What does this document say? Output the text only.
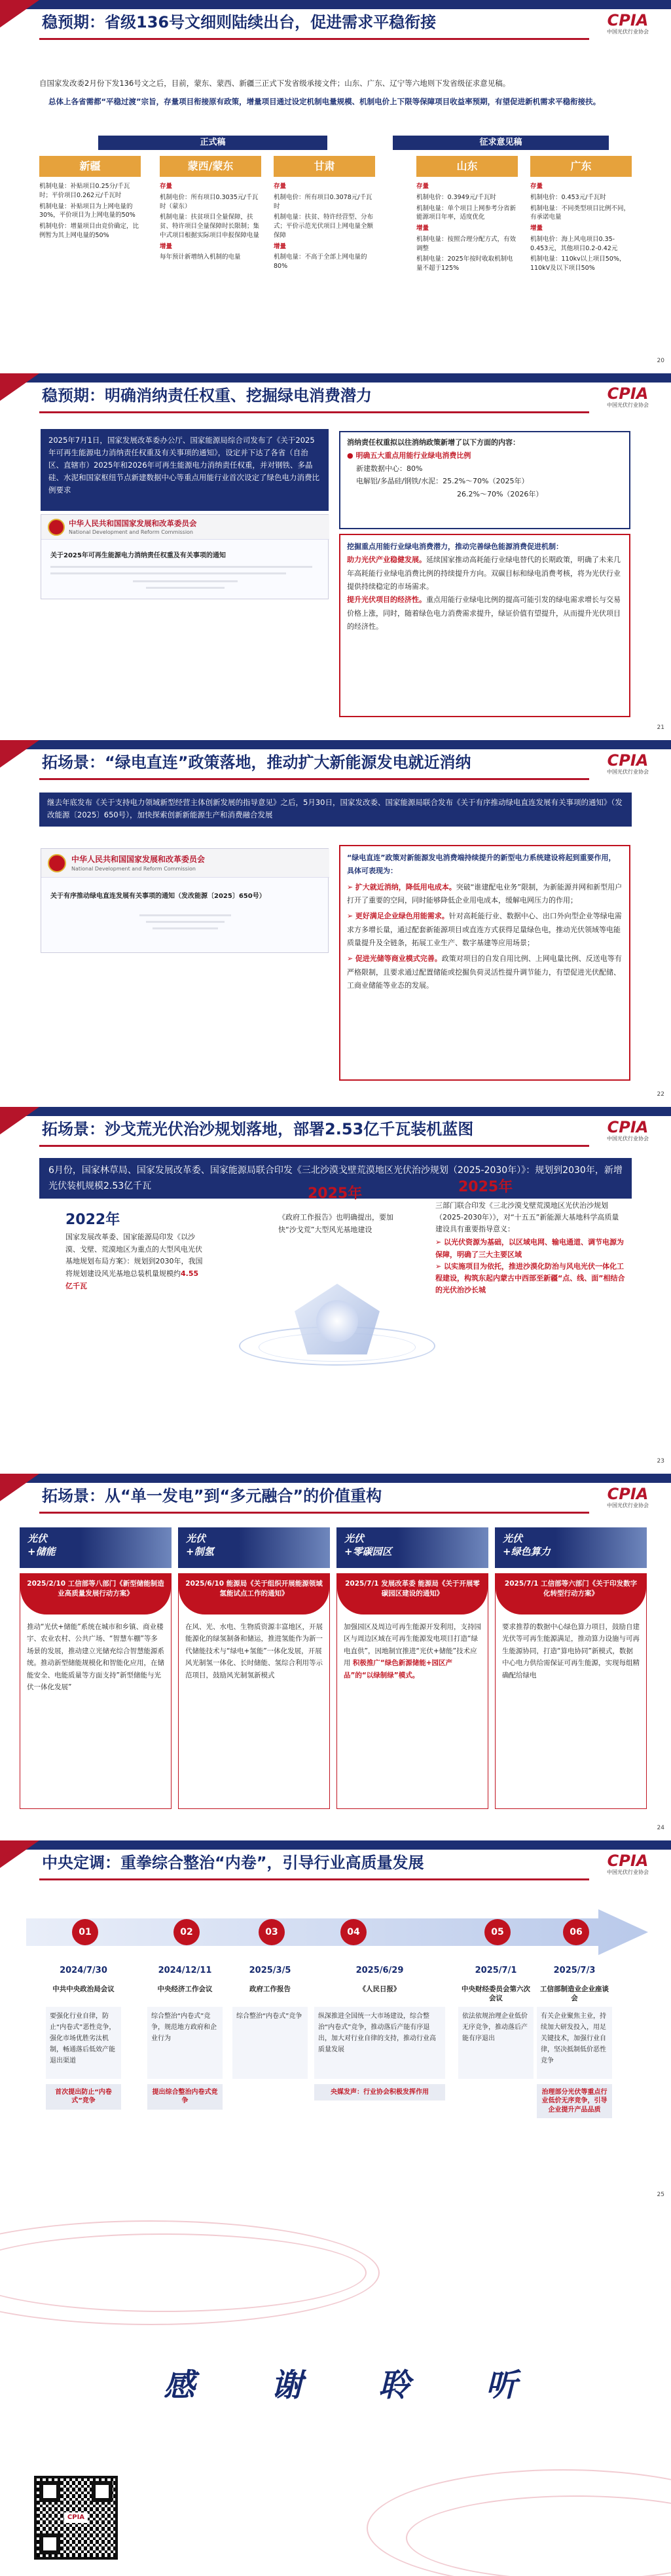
稳预期：省级136号文细则陆续出台，促进需求平稳衔接	CPIA
中国光伏行业协会
自国家发改委2月份下发136号文之后，目前，蒙东、蒙西、新疆三正式下发省级承接文件；山东、广东、辽宁等六地则下发省级征求意见稿。
总体上各省需都“平稳过渡”宗旨，存量项目衔接原有政策，增量项目通过设定机制电量规模、机制电价上下限等保障项目收益率预期，有望促进新机需求平稳衔接扶。
正式稿	征求意见稿
新疆
机制电量：补贴项目0.25分/千瓦时；平价项目0.262元/千瓦时
机制电量：补贴项目为上网电量的30%，平价项目为上网电量的50%
机制电价：增量项目由竞价确定，比例暂为其上网电量的50%
蒙西/蒙东
存量
机制电价：所有项目0.3035元/千瓦时（蒙东）
机制电量：扶贫项目全量保障，扶贫、特许项目全量保障时长限制；集中式项目根据实际项目申报保障电量
增量
每年预计新增纳入机制的电量
甘肃
存量
机制电价：所有项目0.3078元/千瓦时
机制电量：扶贫、特许经营型、分布式；平价示范光伏项目上网电量全额保障
增量
机制电量：不高于全部上网电量的80%
山东
存量
机制电价：0.3949元/千瓦时
机制电量：单个项目上网参考分省新能源项目年率，适度优化
增量
机制电量：按照合理分配方式，有效调整
机制电量：2025年按时收取机制电量不超于125%
广东
存量
机制电价：0.453元/千瓦时
机制电量：不同类型项目比例不同，有承诺电量
增量
机制电价：海上风电项目0.35-0.453元，其他项目0.2-0.42元
机制电量：110kv以上项目50%，110kV及以下项目50%
20
稳预期：明确消纳责任权重、挖掘绿电消费潜力	CPIA
中国光伏行业协会
2025年7月1日，国家发展改革委办公厅、国家能源局综合司发布了《关于2025年可再生能源电力消纳责任权重及有关事项的通知》，设定并下达了各省（自治区、直辖市）2025年和2026年可再生能源电力消纳责任权重，并对钢铁、多晶硅、水泥和国家枢纽节点新建数据中心等重点用能行业首次设定了绿色电力消费比例要求
中华人民共和国国家发展和改革委员会
National Development and Reform Commission
关于2025年可再生能源电力消纳责任权重及有关事项的通知
消纳责任权重拟以往消纳政策新增了以下方面的内容：
● 明确五大重点用能行业绿电消费比例
新建数据中心：80%
电解铝/多晶硅/钢铁/水泥：25.2%～70%（2025年）
26.2%～70%（2026年）
挖掘重点用能行业绿电消费潜力，推动完善绿色能源消费促进机制：
助力光伏产业稳健发展。延续国家推动高耗能行业绿电替代的长期政策，明确了未来几年高耗能行业绿电消费比例的持续提升方向。双碳目标和绿电消费考核，将为光伏行业提供持续稳定的市场需求。
提升光伏项目的经济性。重点用能行业绿电比例的提高可能引发的绿电需求增长与交易价格上涨，同时，随着绿色电力消费需求提升，绿证价值有望提升，从而提升光伏项目的经济性。
21
拓场景：“绿电直连”政策落地，推动扩大新能源发电就近消纳	CPIA
中国光伏行业协会
继去年底发布《关于支持电力领域新型经营主体创新发展的指导意见》之后，5月30日，国家发改委、国家能源局联合发布《关于有序推动绿电直连发展有关事项的通知》（发改能源〔2025〕650号），加快探索创新新能源生产和消费融合发展
中华人民共和国国家发展和改革委员会
National Development and Reform Commission
关于有序推动绿电直连发展有关事项的通知（发改能源〔2025〕650号）
“绿电直连”政策对新能源发电消费端持续提升的新型电力系统建设将起到重要作用，具体可表现为：
➢ 扩大就近消纳，降低用电成本。突破“谁建配电业务”限制，为新能源并网和新型用户打开了重要的空间，同时能够降低企业用电成本，缓解电网压力的作用；
➢ 更好满足企业绿色用能需求。针对高耗能行业、数据中心、出口外向型企业等绿电需求方多增长量，通过配套新能源项目或直连方式获得足量绿色电，推动光伏领域等电能质量提升及全链条，拓展工业生产、数字基建等应用场景；
➢ 促进光储等商业模式完善。政策对项目的自发自用比例、上网电量比例、反送电等有严格限制，且要求通过配置储能或挖掘负荷灵活性提升调节能力，有望促进光伏配储、工商业储能等业态的发展。
22
拓场景：沙戈荒光伏治沙规划落地，部署2.53亿千瓦装机蓝图	CPIA
中国光伏行业协会
6月份，国家林草局、国家发展改革委、国家能源局联合印发《三北沙漠戈壁荒漠地区光伏治沙规划（2025-2030年）》：规划到2030年，新增光伏装机规模2.53亿千瓦
2022年
国家发展改革委、国家能源局印发《以沙漠、戈壁、荒漠地区为重点的大型风电光伏基地规划布局方案》：规划到2030年，我国将规划建设风光基地总装机量规模约4.55亿千瓦
2025年
《政府工作报告》也明确提出，要加快“沙戈荒”大型风光基地建设
2025年
三部门联合印发《三北沙漠戈壁荒漠地区光伏治沙规划（2025-2030年）》，对“十五五”新能源大基地科学高质量建设具有重要指导意义：
➢ 以光伏资源为基础，以区域电网、输电通道、调节电源为保障，明确了三大主要区域
➢ 以实施项目为依托，推进沙漠化防治与风电光伏一体化工程建设，构筑东起内蒙古中西部至新疆“点、线、面”相结合的光伏治沙长城
23
拓场景：从“单一发电”到“多元融合”的价值重构	CPIA
中国光伏行业协会
光伏
+储能
光伏
+制氢
光伏
+零碳园区
光伏
+绿色算力
2025/2/10 工信部等八部门《新型储能制造业高质量发展行动方案》
推动“光伏+储能”系统在城市和乡镇、商业楼宇、农业农村、公共广场、“智慧车棚”等多场景的发展，推动建立光储充综合智慧能源系统。推动新型储能规模化和智能化应用，在储能安全、电能质量等方面支持”新型储能与光伏一体化发展”
2025/6/10 能源局《关于组织开展能源领域氢能试点工作的通知》
在风、光、水电、生物质资源丰富地区，开展能源化的绿氢制备和储运，推进氢能作为新一代储能技术与“绿电+氢能”一体化发展，开展风光制氢一体化、长时储能、氢综合利用等示范项目，鼓励风光制氢新模式
2025/7/1 发展改革委 能源局《关于开展零碳园区建设的通知》
加强园区及周边可再生能源开发利用，支持园区与周边区域在可再生能源发电项目打造“绿电直供”，因地制宜推进“光伏+储能”技术应用 积极推广“绿色新源储能+园区产品”的“以绿制绿”模式。
2025/7/1 工信部等六部门《关于印发数字化转型行动方案》
要求推荐的数据中心绿色算力项目，鼓励自建光伏等可再生能源满足，推动算力设施与可再生能源协同，打造“算电协同”新模式，数据中心电力供给需保证可再生能源，实现每组精确配给绿电
24
中央定调：重拳综合整治“内卷”，引导行业高质量发展	CPIA
中国光伏行业协会
01
2024/7/30
中共中央政治局会议
要强化行业自律，防止“内卷式”恶性竞争，强化市场优胜劣汰机制，畅通落后低效产能退出渠道
首次提出防止“内卷式”竞争
02
2024/12/11
中央经济工作会议
综合整治“内卷式”竞争，规范地方政府和企业行为
提出综合整治内卷式竞争
03
2025/3/5
政府工作报告
综合整治“内卷式”竞争
04
2025/6/29
《人民日报》
纵深推进全国统一大市场建设，综合整治“内卷式”竞争，推动落后产能有序退出，加大对行业自律的支持，推动行业高质量发展
央媒发声：行业协会积极发挥作用
05
2025/7/1
中央财经委员会第六次会议
依法依规治理企业低价无序竞争，推动落后产能有序退出
06
2025/7/3
工信部制造业企业座谈会
有关企业聚焦主业，持续加大研发投入，用足关键技术，加强行业自律，坚决抵制低价恶性竞争
治理部分光伏等重点行业低价无序竞争，引导企业提升产品品质
25
感 谢 聆 听
CPIA
